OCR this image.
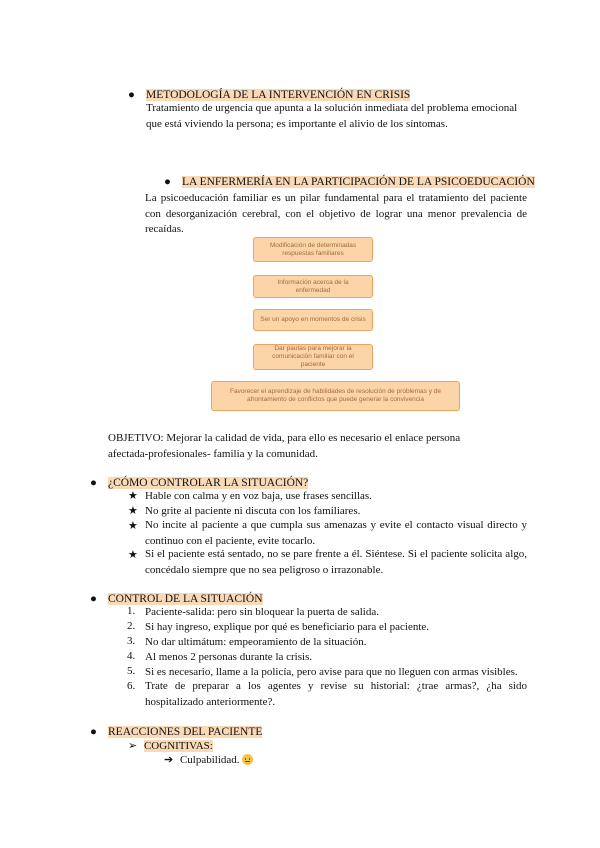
● METODOLOGÍA DE LA INTERVENCIÓN EN CRISIS
Tratamiento de urgencia que apunta a la solución inmediata del problema emocional
que está viviendo la persona; es importante el alivio de los síntomas.
● LA ENFERMERÍA EN LA PARTICIPACIÓN DE LA PSICOEDUCACIÓN
La psicoeducación familiar es un pilar fundamental para el tratamiento del paciente con desorganización cerebral, con el objetivo de lograr una menor prevalencia de recaídas.
Modificación de determinadas respuestas familiares
Información acerca de la enfermedad
Ser un apoyo en momentos de crisis
Dar pautas para mejorar la comunicación familiar con el paciente
Favorecer el aprendizaje de habilidades de resolución de problemas y de afrontamiento de conflictos que puede generar la convivencia
OBJETIVO: Mejorar la calidad de vida, para ello es necesario el enlace persona
afectada-profesionales- familia y la comunidad.
● ¿CÓMO CONTROLAR LA SITUACIÓN?
★ Hable con calma y en voz baja, use frases sencillas.
★ No grite al paciente ni discuta con los familiares.
★ No incite al paciente a que cumpla sus amenazas y evite el contacto visual directo y continuo con el paciente, evite tocarlo.
★ Si el paciente está sentado, no se pare frente a él. Siéntese. Si el paciente solicita algo, concédalo siempre que no sea peligroso o irrazonable.
● CONTROL DE LA SITUACIÓN
1. Paciente-salida: pero sin bloquear la puerta de salida.
2. Si hay ingreso, explique por qué es beneficiario para el paciente.
3. No dar ultimátum: empeoramiento de la situación.
4. Al menos 2 personas durante la crisis.
5. Si es necesario, llame a la policía, pero avise para que no lleguen con armas visibles.
6. Trate de preparar a los agentes y revise su historial: ¿trae armas?, ¿ha sido hospitalizado anteriormente?.
● REACCIONES DEL PACIENTE
➢ COGNITIVAS:
➔ Culpabilidad.
